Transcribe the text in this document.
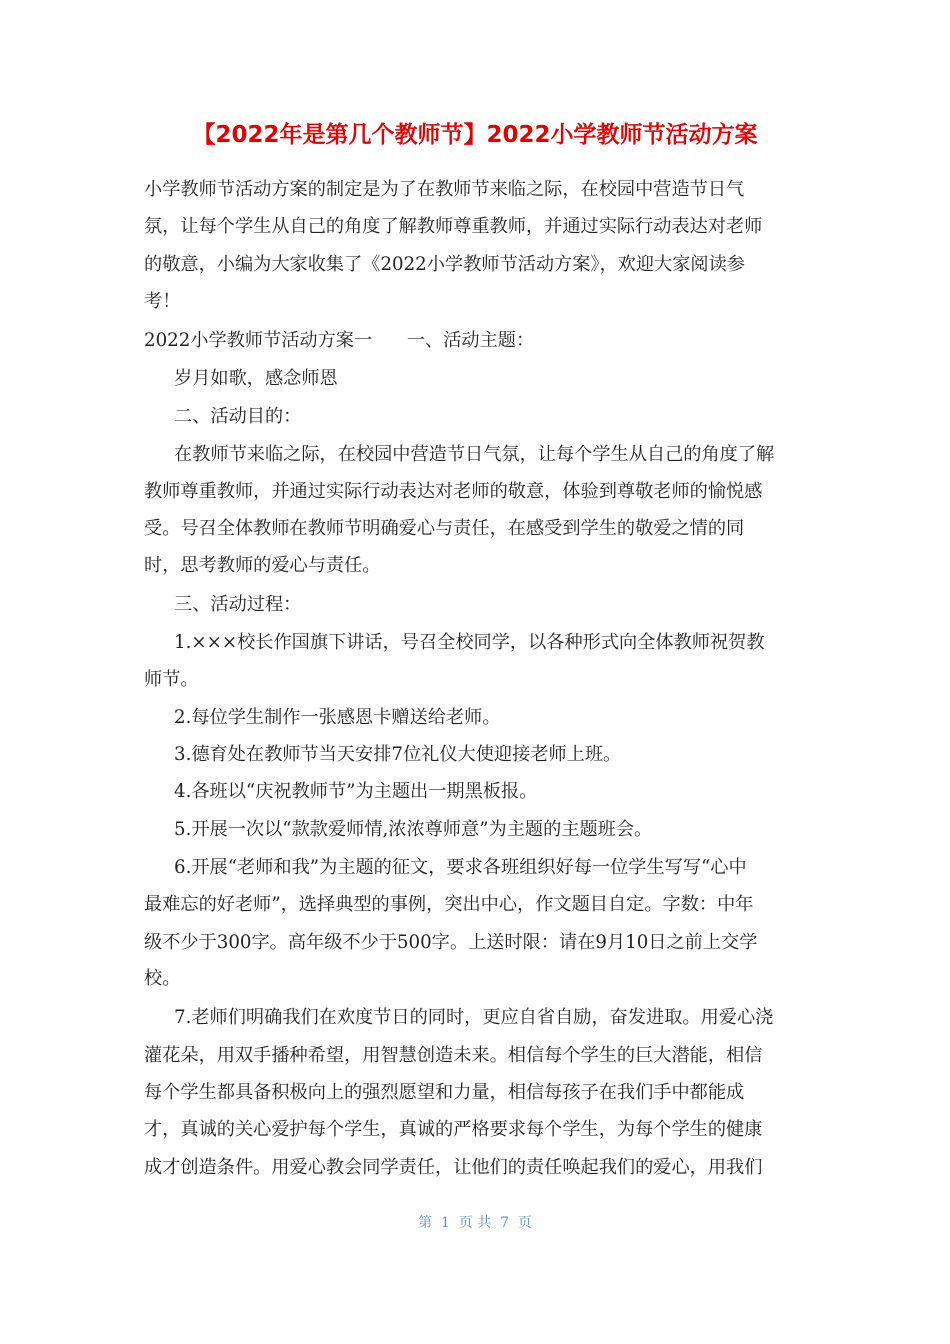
【2022年是第几个教师节】2022小学教师节活动方案
小学教师节活动方案的制定是为了在教师节来临之际，在校园中营造节日气
氛，让每个学生从自己的角度了解教师尊重教师，并通过实际行动表达对老师
的敬意，小编为大家收集了《2022小学教师节活动方案》，欢迎大家阅读参
考！
2022小学教师节活动方案一      一、活动主题：
岁月如歌，感念师恩
二、活动目的：
在教师节来临之际，在校园中营造节日气氛，让每个学生从自己的角度了解
教师尊重教师，并通过实际行动表达对老师的敬意，体验到尊敬老师的愉悦感
受。号召全体教师在教师节明确爱心与责任，在感受到学生的敬爱之情的同
时，思考教师的爱心与责任。
三、活动过程：
1.×××校长作国旗下讲话，号召全校同学，以各种形式向全体教师祝贺教
师节。
2.每位学生制作一张感恩卡赠送给老师。
3.德育处在教师节当天安排7位礼仪大使迎接老师上班。
4.各班以“庆祝教师节”为主题出一期黑板报。
5.开展一次以“款款爱师情,浓浓尊师意”为主题的主题班会。
6.开展“老师和我”为主题的征文，要求各班组织好每一位学生写写“心中
最难忘的好老师”，选择典型的事例，突出中心，作文题目自定。字数：中年
级不少于300字。高年级不少于500字。上送时限：请在9月10日之前上交学
校。
7.老师们明确我们在欢度节日的同时，更应自省自励，奋发进取。用爱心浇
灌花朵，用双手播种希望，用智慧创造未来。相信每个学生的巨大潜能，相信
每个学生都具备积极向上的强烈愿望和力量，相信每孩子在我们手中都能成
才，真诚的关心爱护每个学生，真诚的严格要求每个学生，为每个学生的健康
成才创造条件。用爱心教会同学责任，让他们的责任唤起我们的爱心，用我们
第  1  页 共  7  页
